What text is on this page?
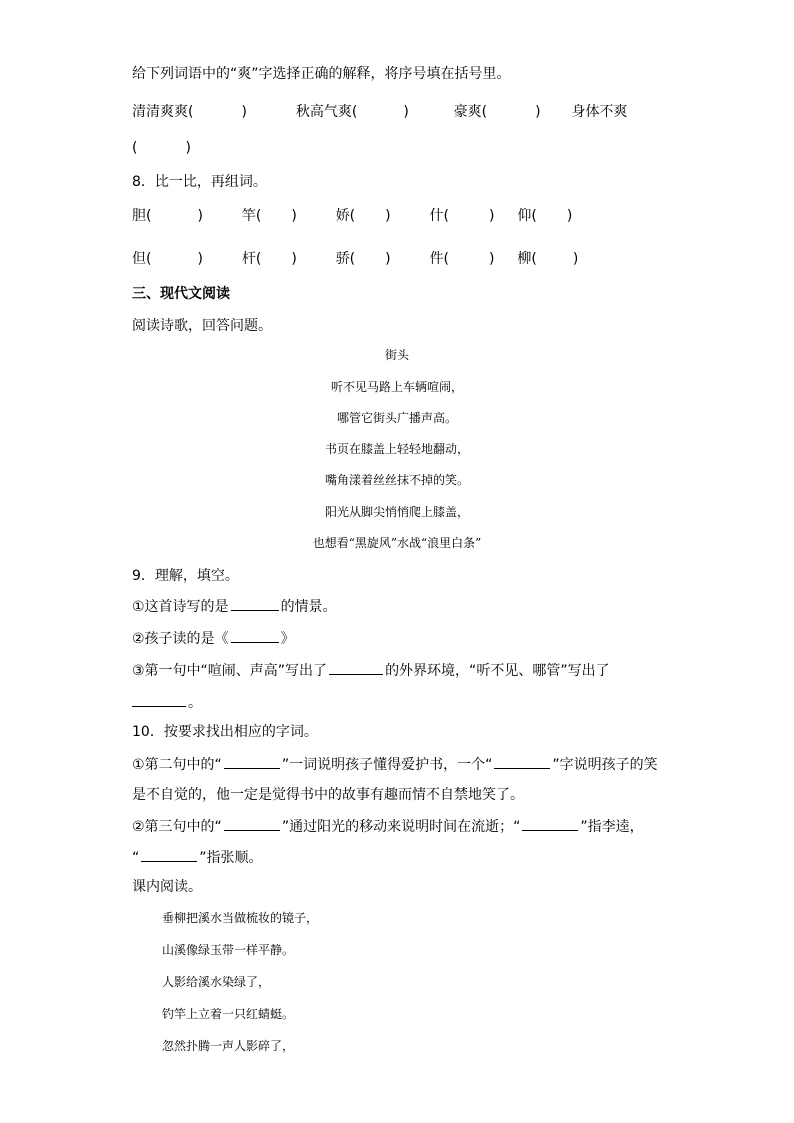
给下列词语中的“爽”字选择正确的解释，将序号填在括号里。
清清爽爽(	)	秋高气爽(	)	豪爽(	) 身体不爽
(	)
8．比一比，再组词。
胆(	)	竿( )	娇( )	什(	) 仰( )
但(	)	杆( )	骄( )	件(	) 柳(	)
三、现代文阅读
阅读诗歌，回答问题。
街头
听不见马路上车辆喧闹，
哪管它街头广播声高。
书页在膝盖上轻轻地翻动，
嘴角漾着丝丝抹不掉的笑。
阳光从脚尖悄悄爬上膝盖，
也想看“黑旋风”水战“浪里白条”
9．理解，填空。
①这首诗写的是	的情景。
②孩子读的是《	》
③第一句中“喧闹、声高”写出了	的外界环境，“听不见、哪管”写出了
。
10．按要求找出相应的字词。
①第二句中的“	”一词说明孩子懂得爱护书，一个“	”字说明孩子的笑
是不自觉的，他一定是觉得书中的故事有趣而情不自禁地笑了。
②第三句中的“	”通过阳光的移动来说明时间在流逝；“	”指李逵，
“	”指张顺。
课内阅读。
垂柳把溪水当做梳妆的镜子，
山溪像绿玉带一样平静。
人影给溪水染绿了，
钓竿上立着一只红蜻蜓。
忽然扑腾一声人影碎了，
